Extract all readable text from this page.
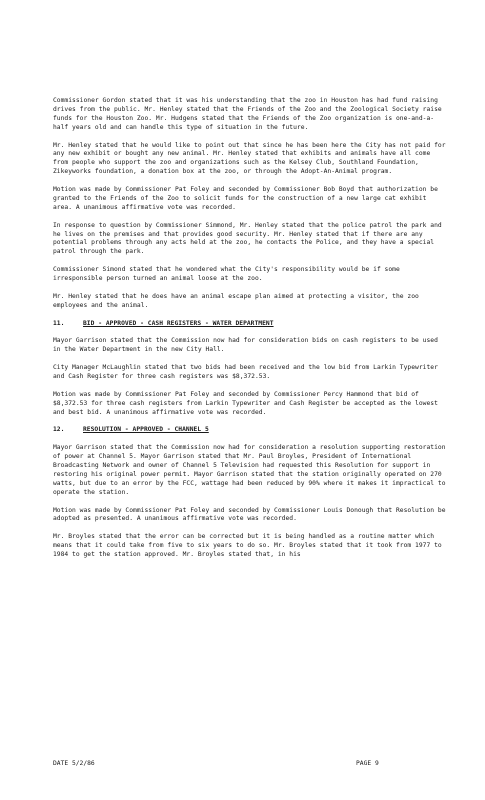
Commissioner Gordon stated that it was his understanding that the zoo in Houston has had fund raising drives from the public. Mr. Henley stated that the Friends of the Zoo and the Zoological Society raise funds for the Houston Zoo. Mr. Hudgens stated that the Friends of the Zoo organization is one-and-a-half years old and can handle this type of situation in the future.

Mr. Henley stated that he would like to point out that since he has been here the City has not paid for any new exhibit or bought any new animal. Mr. Henley stated that exhibits and animals have all come from people who support the zoo and organizations such as the Kelsey Club, Southland Foundation, Zikeyworks foundation, a donation box at the zoo, or through the Adopt-An-Animal program.

Motion was made by Commissioner Pat Foley and seconded by Commissioner Bob Boyd that authorization be granted to the Friends of the Zoo to solicit funds for the construction of a new large cat exhibit area. A unanimous affirmative vote was recorded.

In response to question by Commissioner Simmond, Mr. Henley stated that the police patrol the park and he lives on the premises and that provides good security. Mr. Henley stated that if there are any potential problems through any acts held at the zoo, he contacts the Police, and they have a special patrol through the park.

Commissioner Simond stated that he wondered what the City's responsibility would be if some irresponsible person turned an animal loose at the zoo.

Mr. Henley stated that he does have an animal escape plan aimed at protecting a visitor, the zoo employees and the animal.

11.	BID - APPROVED - CASH REGISTERS - WATER DEPARTMENT

Mayor Garrison stated that the Commission now had for consideration bids on cash registers to be used in the Water Department in the new City Hall.

City Manager McLaughlin stated that two bids had been received and the low bid from Larkin Typewriter and Cash Register for three cash registers was $8,372.53.

Motion was made by Commissioner Pat Foley and seconded by Commissioner Percy Hammond that bid of $8,372.53 for three cash registers from Larkin Typewriter and Cash Register be accepted as the lowest and best bid. A unanimous affirmative vote was recorded.

12.	RESOLUTION - APPROVED - CHANNEL 5

Mayor Garrison stated that the Commission now had for consideration a resolution supporting restoration of power at Channel 5. Mayor Garrison stated that Mr. Paul Broyles, President of International Broadcasting Network and owner of Channel 5 Television had requested this Resolution for support in restoring his original power permit. Mayor Garrison stated that the station originally operated on 270 watts, but due to an error by the FCC, wattage had been reduced by 90% where it makes it impractical to operate the station.

Motion was made by Commissioner Pat Foley and seconded by Commissioner Louis Donough that Resolution be adopted as presented. A unanimous affirmative vote was recorded.

Mr. Broyles stated that the error can be corrected but it is being handled as a routine matter which means that it could take from five to six years to do so. Mr. Broyles stated that it took from 1977 to 1984 to get the station approved. Mr. Broyles stated that, in his

DATE 5/2/86	PAGE 9
